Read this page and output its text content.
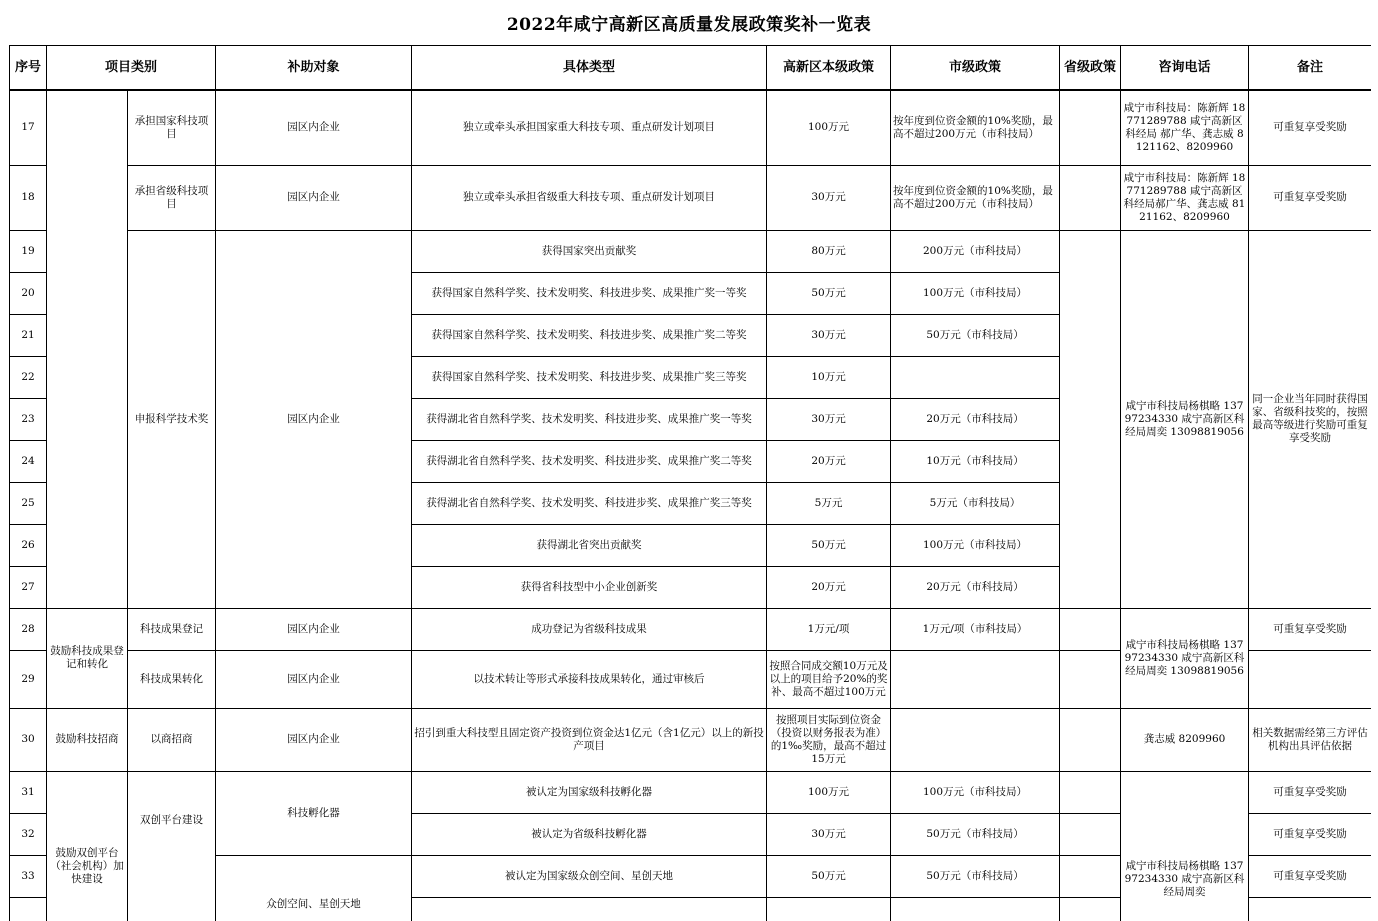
2022年咸宁高新区高质量发展政策奖补一览表
序号	项目类别		补助对象	具体类型	高新区本级政策	市级政策	省级政策	咨询电话	备注
17		承担国家科技项目	园区内企业	独立或牵头承担国家重大科技专项、重点研发计划项目	100万元	按年度到位资金额的10%奖励，最高不超过200万元（市科技局）		咸宁市科技局：陈新辉 18771289788 咸宁高新区科经局 郝广华、龚志威 8121162、8209960	可重复享受奖励
18		承担省级科技项目	园区内企业	独立或牵头承担省级重大科技专项、重点研发计划项目	30万元	按年度到位资金额的10%奖励，最高不超过200万元（市科技局）		咸宁市科技局：陈新辉 18771289788 咸宁高新区科经局郝广华、龚志威 8121162、8209960	可重复享受奖励
19		申报科学技术奖	园区内企业	获得国家突出贡献奖	80万元	200万元（市科技局）		咸宁市科技局杨棋略 13797234330 咸宁高新区科经局周奕 13098819056	同一企业当年同时获得国家、省级科技奖的，按照最高等级进行奖励可重复享受奖励
20				获得国家自然科学奖、技术发明奖、科技进步奖、成果推广奖一等奖	50万元	100万元（市科技局）			
21				获得国家自然科学奖、技术发明奖、科技进步奖、成果推广奖二等奖	30万元	50万元（市科技局）			
22				获得国家自然科学奖、技术发明奖、科技进步奖、成果推广奖三等奖	10万元				
23				获得湖北省自然科学奖、技术发明奖、科技进步奖、成果推广奖一等奖	30万元	20万元（市科技局）			
24				获得湖北省自然科学奖、技术发明奖、科技进步奖、成果推广奖二等奖	20万元	10万元（市科技局）			
25				获得湖北省自然科学奖、技术发明奖、科技进步奖、成果推广奖三等奖	5万元	5万元（市科技局）			
26				获得湖北省突出贡献奖	50万元	100万元（市科技局）			
27				获得省科技型中小企业创新奖	20万元	20万元（市科技局）			
28	鼓励科技成果登记和转化	科技成果登记	园区内企业	成功登记为省级科技成果	1万元/项	1万元/项（市科技局）		咸宁市科技局杨棋略 13797234330 咸宁高新区科经局周奕 13098819056	可重复享受奖励
29		科技成果转化	园区内企业	以技术转让等形式承接科技成果转化，通过审核后	按照合同成交额10万元及以上的项目给予20%的奖补、最高不超过100万元				
30	鼓励科技招商	以商招商	园区内企业	招引到重大科技型且固定资产投资到位资金达1亿元（含1亿元）以上的新投产项目	按照项目实际到位资金（投资以财务报表为准）的1‰奖励，最高不超过15万元			龚志威 8209960	相关数据需经第三方评估机构出具评估依据
31	鼓励双创平台（社会机构）加快建设	双创平台建设	科技孵化器	被认定为国家级科技孵化器	100万元	100万元（市科技局）		咸宁市科技局杨棋略 13797234330 咸宁高新区科经局周奕	可重复享受奖励
32				被认定为省级科技孵化器	30万元	50万元（市科技局）			可重复享受奖励
33			众创空间、星创天地	被认定为国家级众创空间、星创天地	50万元	50万元（市科技局）			可重复享受奖励
